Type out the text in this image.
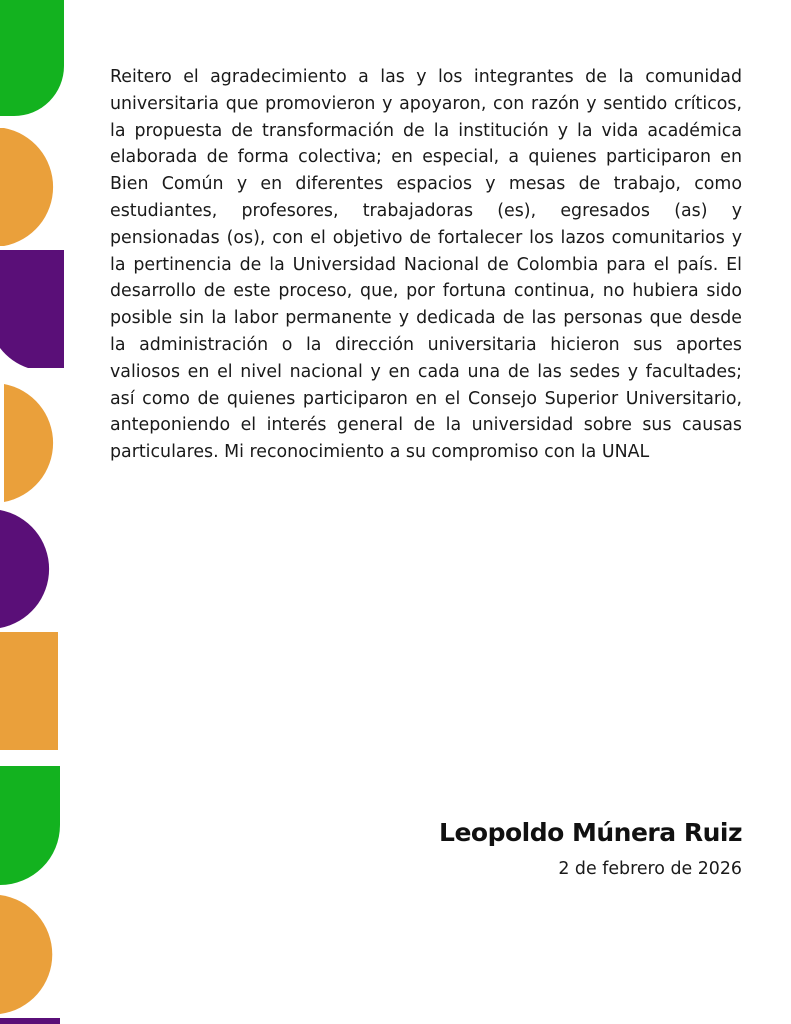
Reitero el agradecimiento a las y los integrantes de la comunidad universitaria que promovieron y apoyaron, con razón y sentido críticos, la propuesta de transformación de la institución y la vida académica elaborada de forma colectiva; en especial, a quienes participaron en Bien Común y en diferentes espacios y mesas de trabajo, como estudiantes, profesores, trabajadoras (es), egresados (as) y pensionadas (os), con el objetivo de fortalecer los lazos comunitarios y la pertinencia de la Universidad Nacional de Colombia para el país. El desarrollo de este proceso, que, por fortuna continua, no hubiera sido posible sin la labor permanente y dedicada de las personas que desde la administración o la dirección universitaria hicieron sus aportes valiosos en el nivel nacional y en cada una de las sedes y facultades; así como de quienes participaron en el Consejo Superior Universitario, anteponiendo el interés general de la universidad sobre sus causas particulares. Mi reconocimiento a su compromiso con la UNAL

Leopoldo Múnera Ruiz

2 de febrero de 2026
